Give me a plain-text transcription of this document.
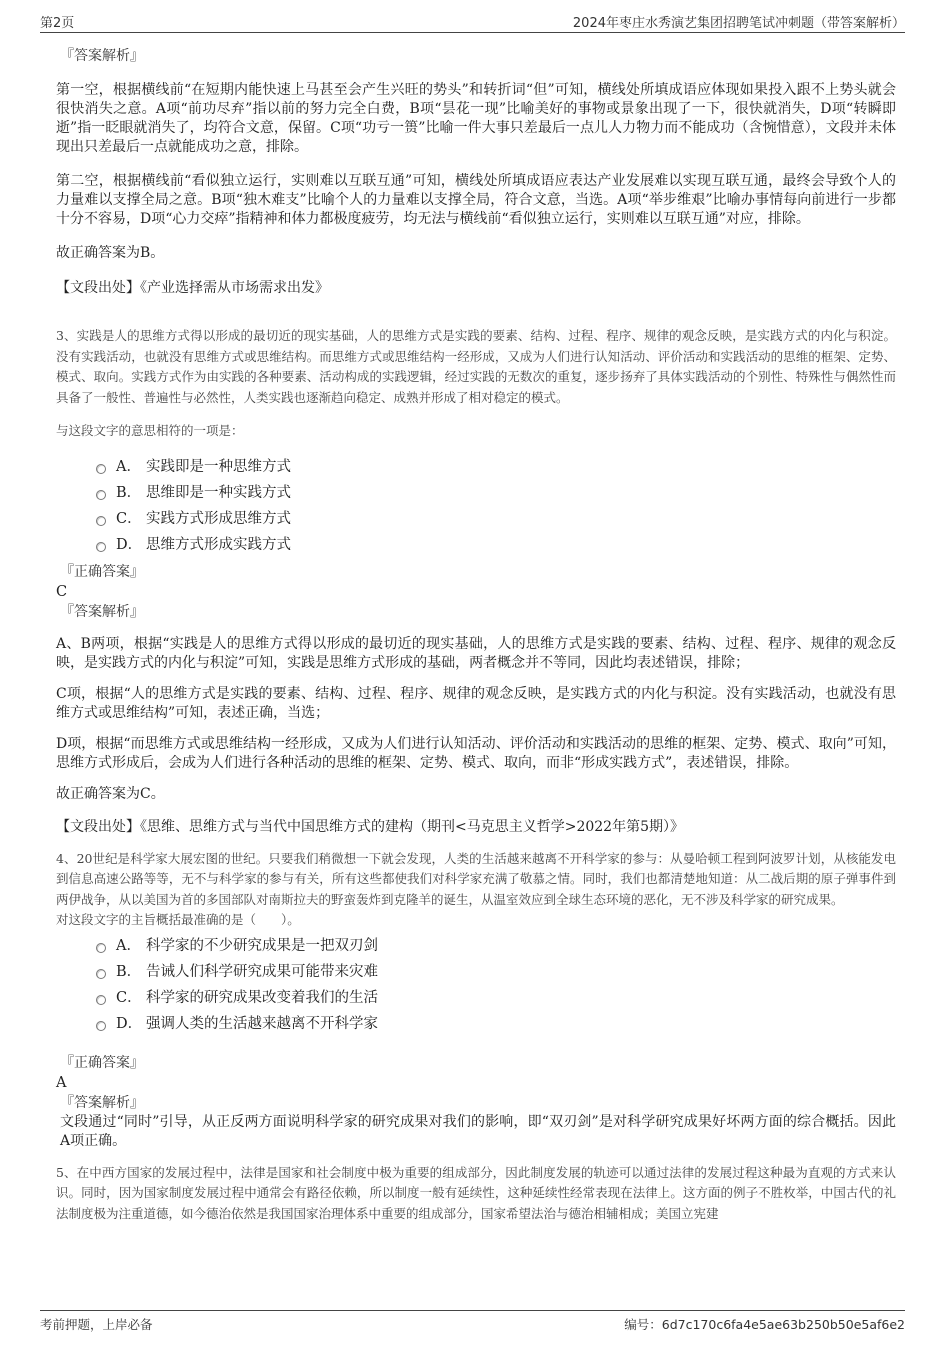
第2页	2024年枣庄水秀演艺集团招聘笔试冲刺题（带答案解析）
『答案解析』

第一空，根据横线前“在短期内能快速上马甚至会产生兴旺的势头”和转折词“但”可知，横线处所填成语应体现如果投入跟不上势头就会很快消失之意。A项“前功尽弃”指以前的努力完全白费，B项“昙花一现”比喻美好的事物或景象出现了一下，很快就消失，D项“转瞬即逝”指一眨眼就消失了，均符合文意，保留。C项“功亏一篑”比喻一件大事只差最后一点儿人力物力而不能成功（含惋惜意），文段并未体现出只差最后一点就能成功之意，排除。

第二空，根据横线前“看似独立运行，实则难以互联互通”可知，横线处所填成语应表达产业发展难以实现互联互通，最终会导致个人的力量难以支撑全局之意。B项“独木难支”比喻个人的力量难以支撑全局，符合文意，当选。A项“举步维艰”比喻办事情每向前进行一步都十分不容易，D项“心力交瘁”指精神和体力都极度疲劳，均无法与横线前“看似独立运行，实则难以互联互通”对应，排除。

故正确答案为B。

【文段出处】《产业选择需从市场需求出发》

3、实践是人的思维方式得以形成的最切近的现实基础，人的思维方式是实践的要素、结构、过程、程序、规律的观念反映，是实践方式的内化与积淀。没有实践活动，也就没有思维方式或思维结构。而思维方式或思维结构一经形成，又成为人们进行认知活动、评价活动和实践活动的思维的框架、定势、模式、取向。实践方式作为由实践的各种要素、活动构成的实践逻辑，经过实践的无数次的重复，逐步扬弃了具体实践活动的个别性、特殊性与偶然性而具备了一般性、普遍性与必然性，人类实践也逐渐趋向稳定、成熟并形成了相对稳定的模式。

与这段文字的意思相符的一项是：

A． 实践即是一种思维方式
B． 思维即是一种实践方式
C． 实践方式形成思维方式
D． 思维方式形成实践方式
『正确答案』
C
『答案解析』

A、B两项，根据“实践是人的思维方式得以形成的最切近的现实基础，人的思维方式是实践的要素、结构、过程、程序、规律的观念反映，是实践方式的内化与积淀”可知，实践是思维方式形成的基础，两者概念并不等同，因此均表述错误，排除；

C项，根据“人的思维方式是实践的要素、结构、过程、程序、规律的观念反映，是实践方式的内化与积淀。没有实践活动，也就没有思维方式或思维结构”可知，表述正确，当选；

D项，根据“而思维方式或思维结构一经形成，又成为人们进行认知活动、评价活动和实践活动的思维的框架、定势、模式、取向”可知，思维方式形成后，会成为人们进行各种活动的思维的框架、定势、模式、取向，而非“形成实践方式”，表述错误，排除。

故正确答案为C。

【文段出处】《思维、思维方式与当代中国思维方式的建构（期刊<马克思主义哲学>2022年第5期）》

4、20世纪是科学家大展宏图的世纪。只要我们稍微想一下就会发现，人类的生活越来越离不开科学家的参与：从曼哈顿工程到阿波罗计划，从核能发电到信息高速公路等等，无不与科学家的参与有关，所有这些都使我们对科学家充满了敬慕之情。同时，我们也都清楚地知道：从二战后期的原子弹事件到两伊战争，从以美国为首的多国部队对南斯拉夫的野蛮轰炸到克隆羊的诞生，从温室效应到全球生态环境的恶化，无不涉及科学家的研究成果。

对这段文字的主旨概括最准确的是（　　）。

A． 科学家的不少研究成果是一把双刃剑
B． 告诫人们科学研究成果可能带来灾难
C． 科学家的研究成果改变着我们的生活
D． 强调人类的生活越来越离不开科学家
『正确答案』
A
『答案解析』

文段通过“同时”引导，从正反两方面说明科学家的研究成果对我们的影响，即“双刃剑”是对科学研究成果好坏两方面的综合概括。因此A项正确。

5、在中西方国家的发展过程中，法律是国家和社会制度中极为重要的组成部分，因此制度发展的轨迹可以通过法律的发展过程这种最为直观的方式来认识。同时，因为国家制度发展过程中通常会有路径依赖，所以制度一般有延续性，这种延续性经常表现在法律上。这方面的例子不胜枚举，中国古代的礼法制度极为注重道德，如今德治依然是我国国家治理体系中重要的组成部分，国家希望法治与德治相辅相成；美国立宪建

考前押题，上岸必备	编号：6d7c170c6fa4e5ae63b250b50e5af6e2
